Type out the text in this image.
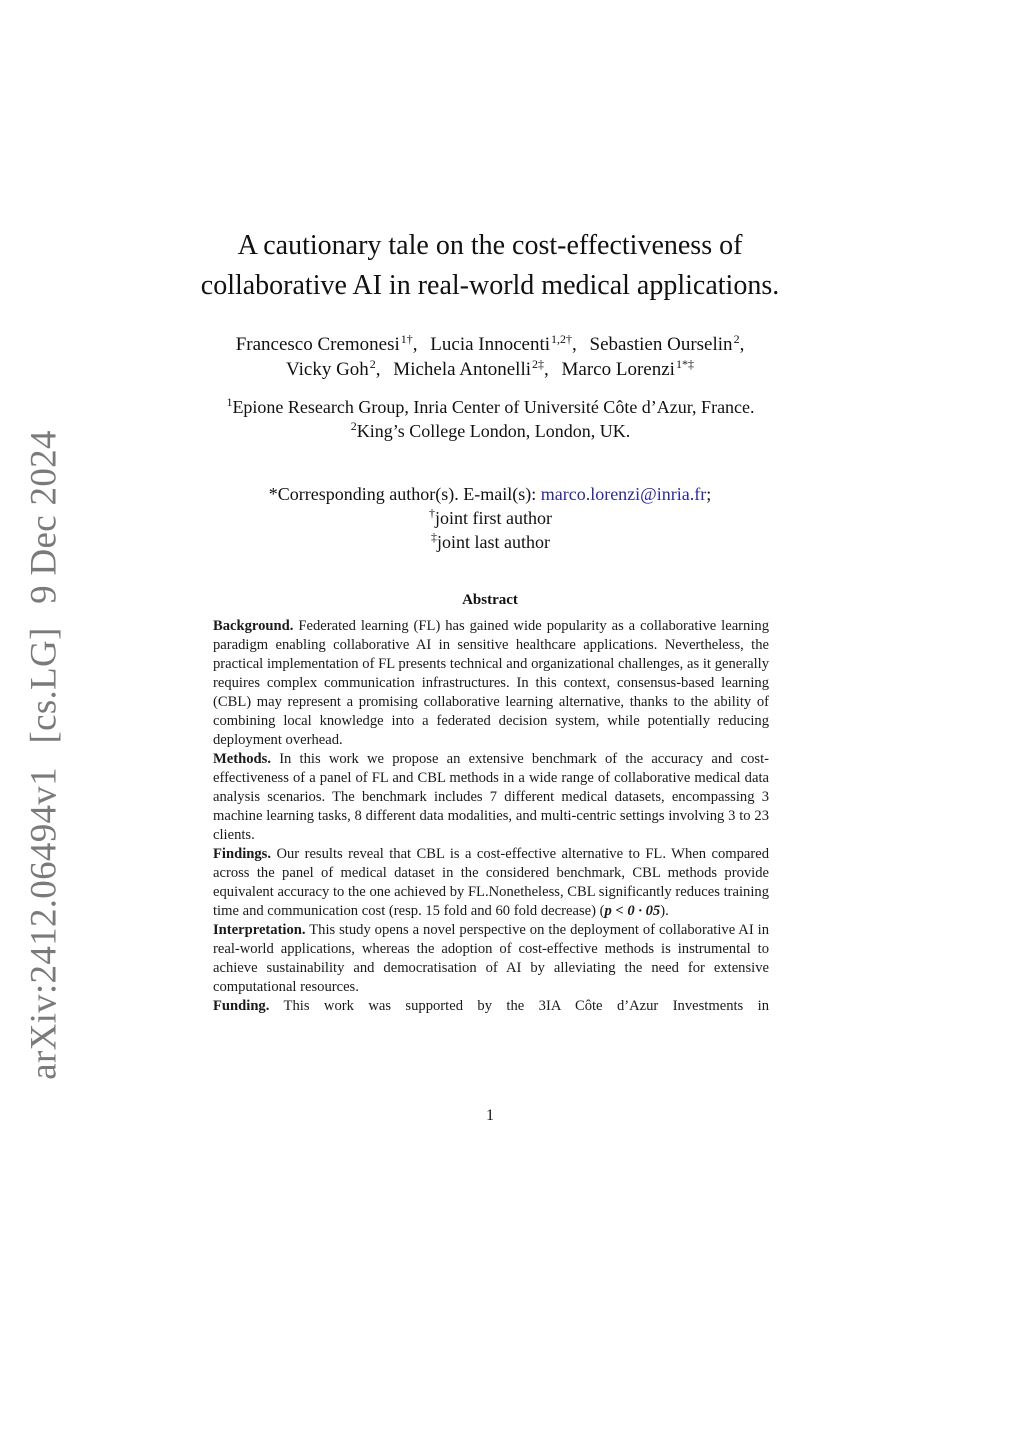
arXiv:2412.06494v1 [cs.LG] 9 Dec 2024
A cautionary tale on the cost-effectiveness of
collaborative AI in real-world medical applications.
Francesco Cremonesi$^{1\dagger}$, Lucia Innocenti$^{1,2\dagger}$, Sebastien Ourselin$^2$,
Vicky Goh$^2$, Michela Antonelli$^{2\ddagger}$, Marco Lorenzi$^{1*\ddagger}$
$^1$Epione Research Group, Inria Center of Université Côte d’Azur, France.
$^2$King’s College London, London, UK.
*Corresponding author(s). E-mail(s): marco.lorenzi@inria.fr;
†joint first author
‡joint last author
Abstract

Background. Federated learning (FL) has gained wide popularity as a collaborative learning paradigm enabling collaborative AI in sensitive healthcare applications. Nevertheless, the practical implementation of FL presents technical and organizational challenges, as it generally requires complex communication infrastructures. In this context, consensus-based learning (CBL) may represent a promising collaborative learning alternative, thanks to the ability of combining local knowledge into a federated decision system, while potentially reducing deployment overhead.

Methods. In this work we propose an extensive benchmark of the accuracy and cost-effectiveness of a panel of FL and CBL methods in a wide range of collaborative medical data analysis scenarios. The benchmark includes 7 different medical datasets, encompassing 3 machine learning tasks, 8 different data modalities, and multi-centric settings involving 3 to 23 clients.

Findings. Our results reveal that CBL is a cost-effective alternative to FL. When compared across the panel of medical dataset in the considered benchmark, CBL methods provide equivalent accuracy to the one achieved by FL.Nonetheless, CBL significantly reduces training time and communication cost (resp. 15 fold and 60 fold decrease) (p < 0 · 05).

Interpretation. This study opens a novel perspective on the deployment of collaborative AI in real-world applications, whereas the adoption of cost-effective methods is instrumental to achieve sustainability and democratisation of AI by alleviating the need for extensive computational resources.

Funding. This work was supported by the 3IA Côte d’Azur Investments in

1
